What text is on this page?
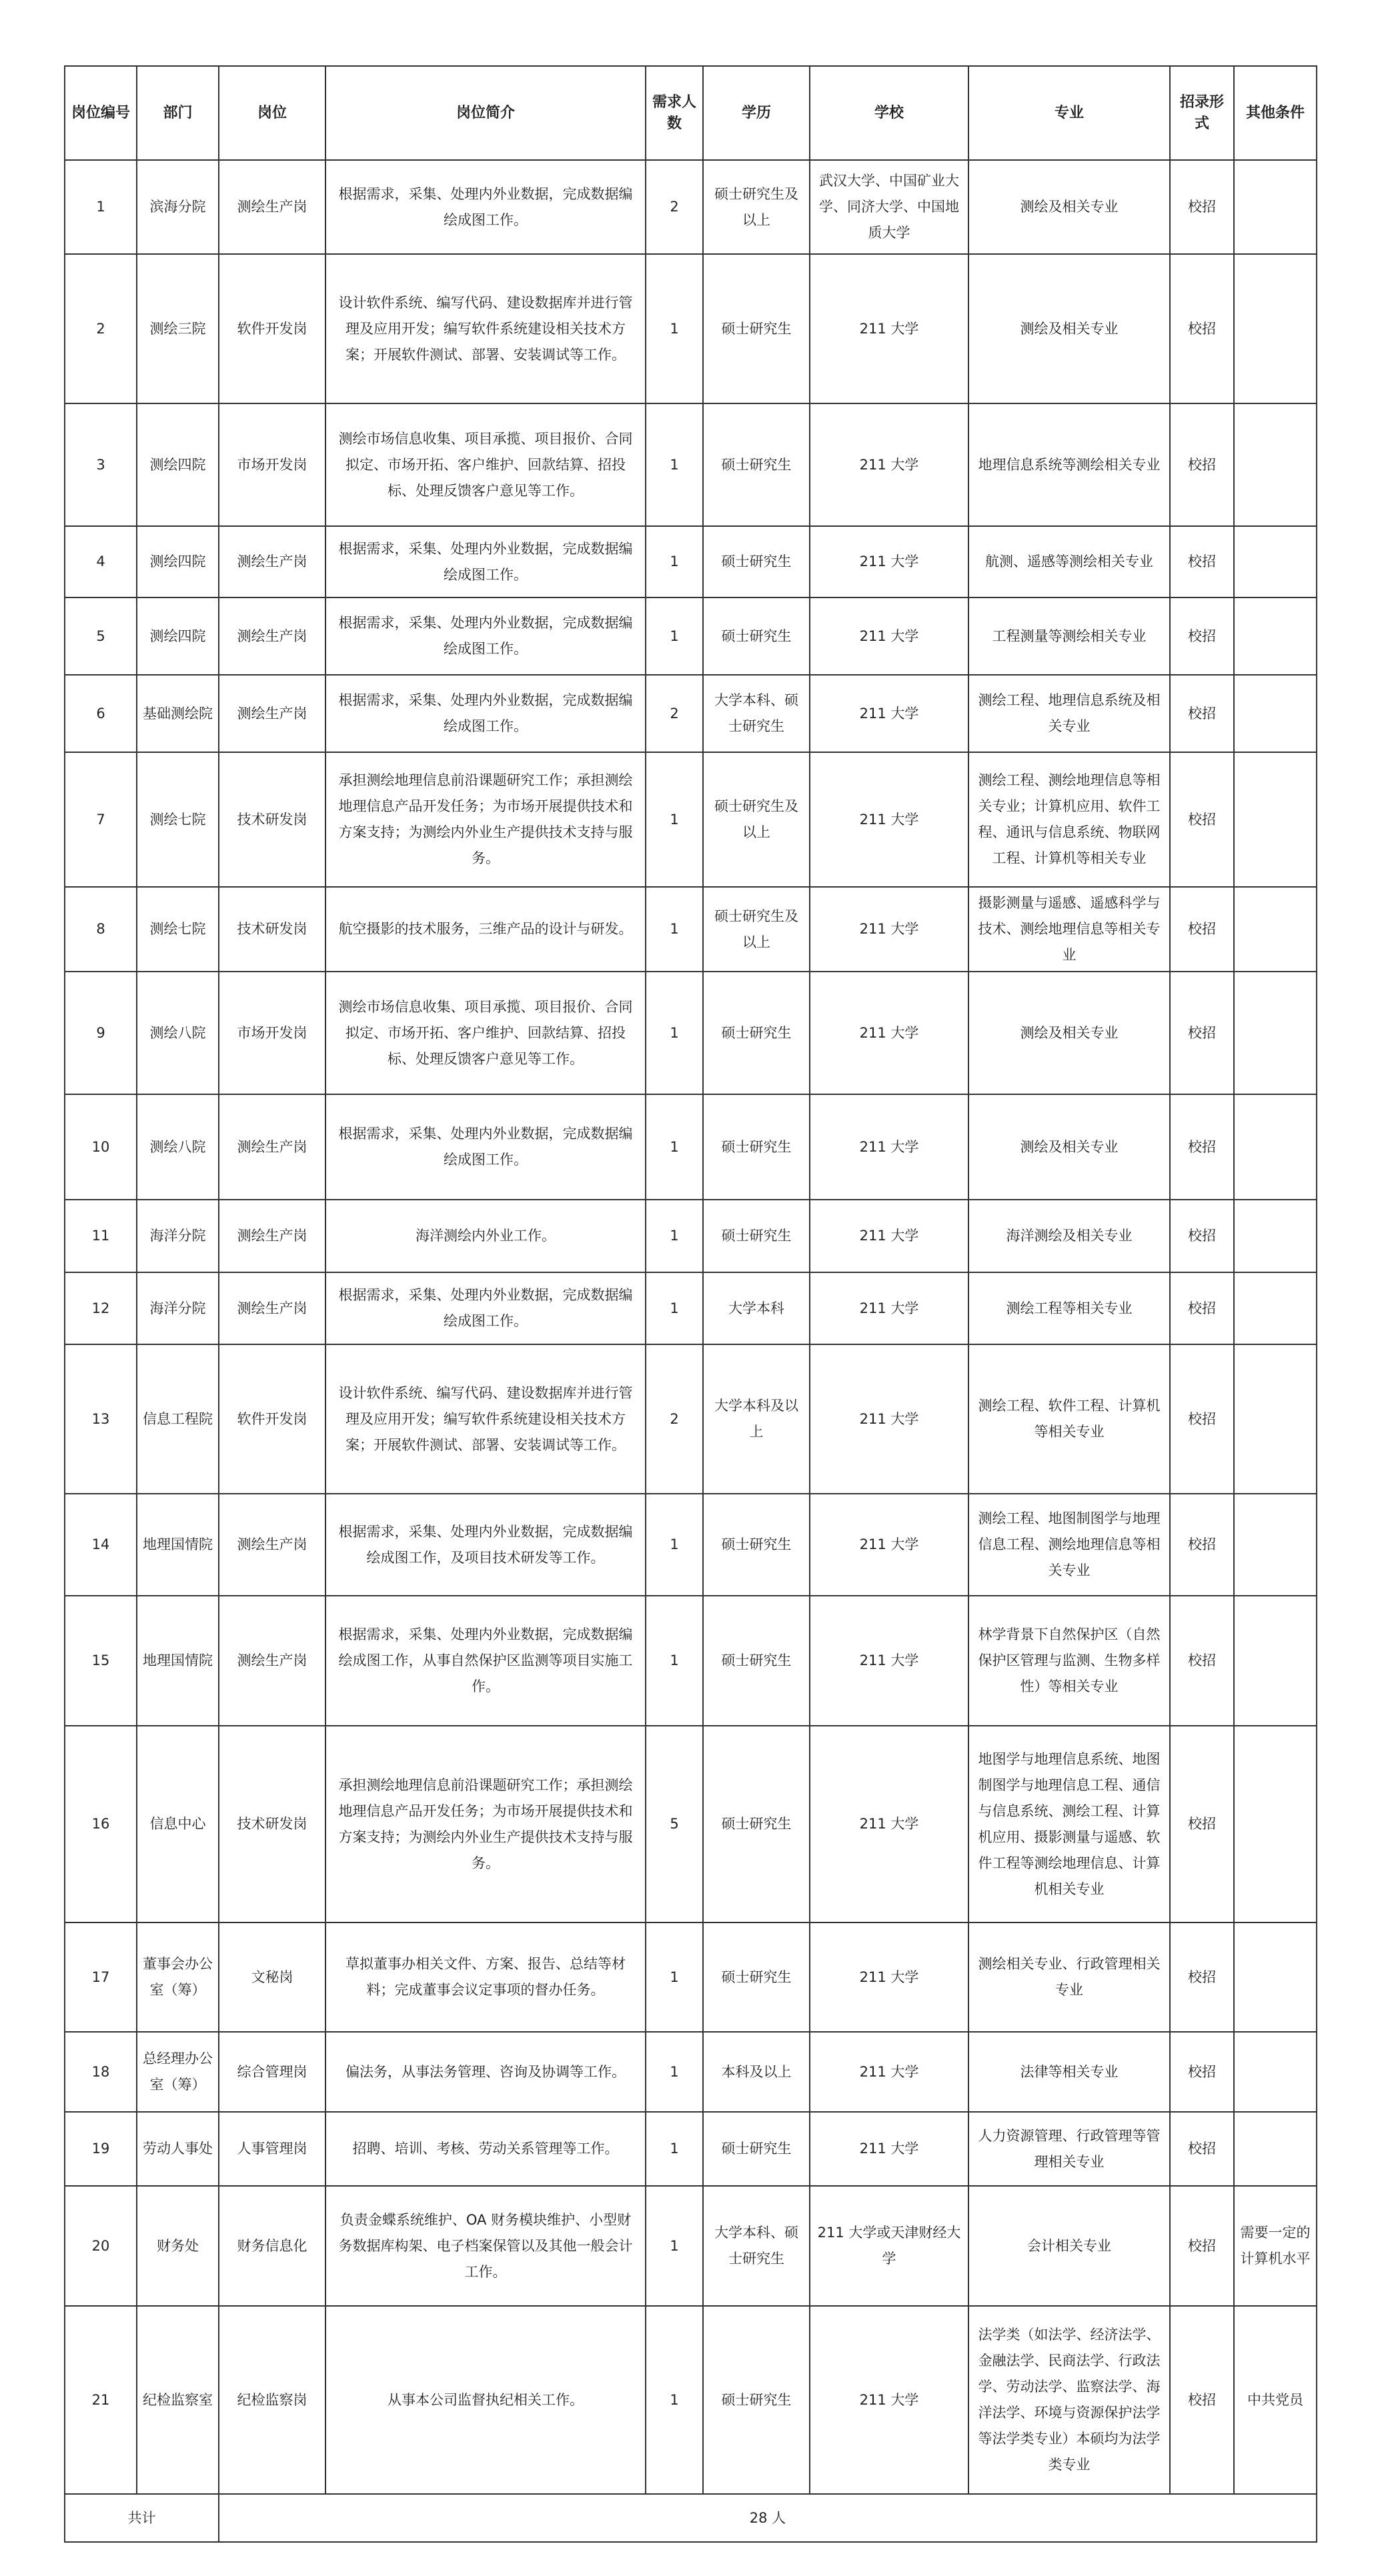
岗位编号	部门	岗位	岗位简介	需求人数	学历	学校	专业	招录形式	其他条件
1	滨海分院	测绘生产岗	根据需求，采集、处理内外业数据，完成数据编绘成图工作。	2	硕士研究生及以上	武汉大学、中国矿业大学、同济大学、中国地质大学	测绘及相关专业	校招	
2	测绘三院	软件开发岗	设计软件系统、编写代码、建设数据库并进行管理及应用开发；编写软件系统建设相关技术方案；开展软件测试、部署、安装调试等工作。	1	硕士研究生	211 大学	测绘及相关专业	校招	
3	测绘四院	市场开发岗	测绘市场信息收集、项目承揽、项目报价、合同拟定、市场开拓、客户维护、回款结算、招投标、处理反馈客户意见等工作。	1	硕士研究生	211 大学	地理信息系统等测绘相关专业	校招	
4	测绘四院	测绘生产岗	根据需求，采集、处理内外业数据，完成数据编绘成图工作。	1	硕士研究生	211 大学	航测、遥感等测绘相关专业	校招	
5	测绘四院	测绘生产岗	根据需求，采集、处理内外业数据，完成数据编绘成图工作。	1	硕士研究生	211 大学	工程测量等测绘相关专业	校招	
6	基础测绘院	测绘生产岗	根据需求，采集、处理内外业数据，完成数据编绘成图工作。	2	大学本科、硕士研究生	211 大学	测绘工程、地理信息系统及相关专业	校招	
7	测绘七院	技术研发岗	承担测绘地理信息前沿课题研究工作；承担测绘地理信息产品开发任务；为市场开展提供技术和方案支持；为测绘内外业生产提供技术支持与服务。	1	硕士研究生及以上	211 大学	测绘工程、测绘地理信息等相关专业；计算机应用、软件工程、通讯与信息系统、物联网工程、计算机等相关专业	校招	
8	测绘七院	技术研发岗	航空摄影的技术服务，三维产品的设计与研发。	1	硕士研究生及以上	211 大学	摄影测量与遥感、遥感科学与技术、测绘地理信息等相关专业	校招	
9	测绘八院	市场开发岗	测绘市场信息收集、项目承揽、项目报价、合同拟定、市场开拓、客户维护、回款结算、招投标、处理反馈客户意见等工作。	1	硕士研究生	211 大学	测绘及相关专业	校招	
10	测绘八院	测绘生产岗	根据需求，采集、处理内外业数据，完成数据编绘成图工作。	1	硕士研究生	211 大学	测绘及相关专业	校招	
11	海洋分院	测绘生产岗	海洋测绘内外业工作。	1	硕士研究生	211 大学	海洋测绘及相关专业	校招	
12	海洋分院	测绘生产岗	根据需求，采集、处理内外业数据，完成数据编绘成图工作。	1	大学本科	211 大学	测绘工程等相关专业	校招	
13	信息工程院	软件开发岗	设计软件系统、编写代码、建设数据库并进行管理及应用开发；编写软件系统建设相关技术方案；开展软件测试、部署、安装调试等工作。	2	大学本科及以上	211 大学	测绘工程、软件工程、计算机等相关专业	校招	
14	地理国情院	测绘生产岗	根据需求，采集、处理内外业数据，完成数据编绘成图工作，及项目技术研发等工作。	1	硕士研究生	211 大学	测绘工程、地图制图学与地理信息工程、测绘地理信息等相关专业	校招	
15	地理国情院	测绘生产岗	根据需求，采集、处理内外业数据，完成数据编绘成图工作，从事自然保护区监测等项目实施工作。	1	硕士研究生	211 大学	林学背景下自然保护区（自然保护区管理与监测、生物多样性）等相关专业	校招	
16	信息中心	技术研发岗	承担测绘地理信息前沿课题研究工作；承担测绘地理信息产品开发任务；为市场开展提供技术和方案支持；为测绘内外业生产提供技术支持与服务。	5	硕士研究生	211 大学	地图学与地理信息系统、地图制图学与地理信息工程、通信与信息系统、测绘工程、计算机应用、摄影测量与遥感、软件工程等测绘地理信息、计算机相关专业	校招	
17	董事会办公室（筹）	文秘岗	草拟董事办相关文件、方案、报告、总结等材料；完成董事会议定事项的督办任务。	1	硕士研究生	211 大学	测绘相关专业、行政管理相关专业	校招	
18	总经理办公室（筹）	综合管理岗	偏法务，从事法务管理、咨询及协调等工作。	1	本科及以上	211 大学	法律等相关专业	校招	
19	劳动人事处	人事管理岗	招聘、培训、考核、劳动关系管理等工作。	1	硕士研究生	211 大学	人力资源管理、行政管理等管理相关专业	校招	
20	财务处	财务信息化	负责金蝶系统维护、OA 财务模块维护、小型财务数据库构架、电子档案保管以及其他一般会计工作。	1	大学本科、硕士研究生	211 大学或天津财经大学	会计相关专业	校招	需要一定的计算机水平
21	纪检监察室	纪检监察岗	从事本公司监督执纪相关工作。	1	硕士研究生	211 大学	法学类（如法学、经济法学、金融法学、民商法学、行政法学、劳动法学、监察法学、海洋法学、环境与资源保护法学等法学类专业）本硕均为法学类专业	校招	中共党员
共计		28 人							
